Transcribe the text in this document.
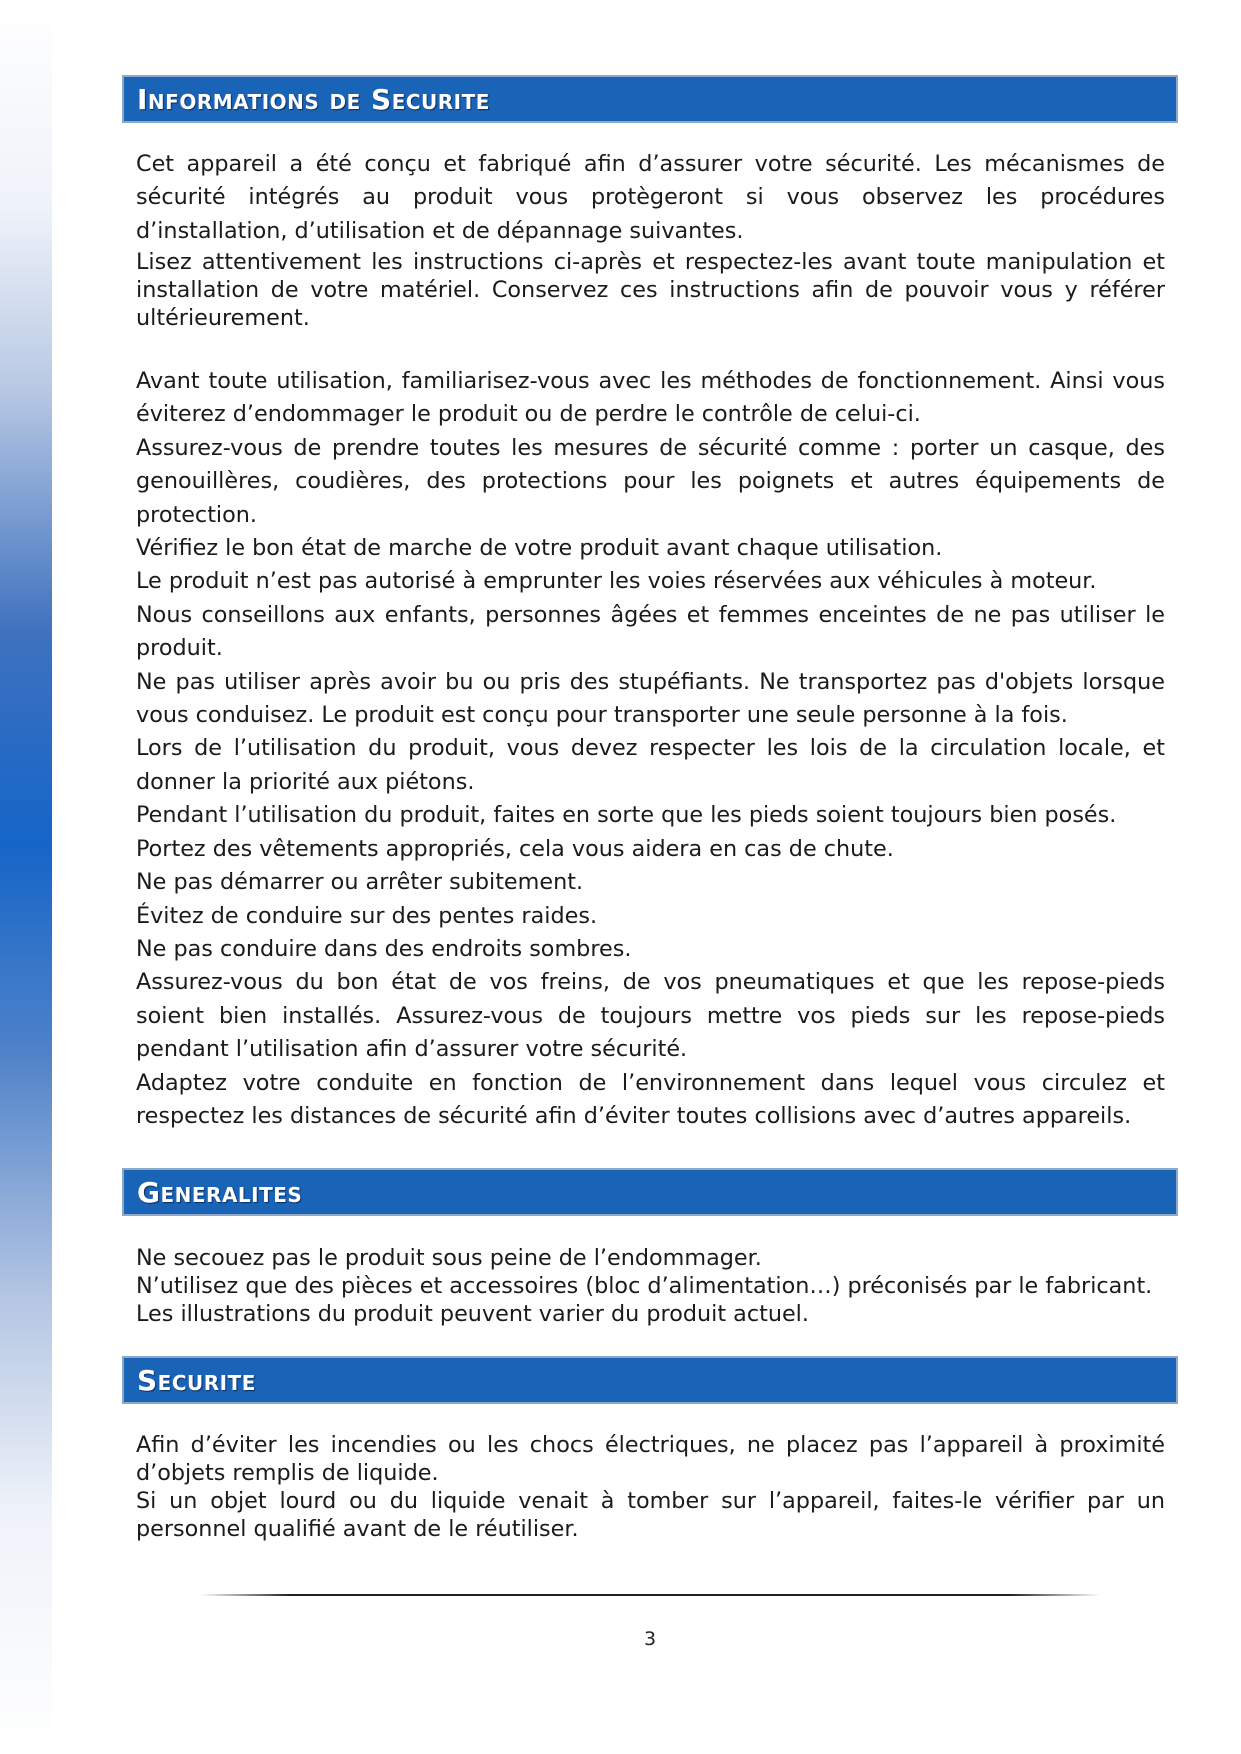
Informations de Securite

Cet appareil a été conçu et fabriqué afin d’assurer votre sécurité. Les mécanismes de sécurité intégrés au produit vous protègeront si vous observez les procédures d’installation, d’utilisation et de dépannage suivantes.

Lisez attentivement les instructions ci-après et respectez-les avant toute manipulation et installation de votre matériel. Conservez ces instructions afin de pouvoir vous y référer ultérieurement.

Avant toute utilisation, familiarisez-vous avec les méthodes de fonctionnement. Ainsi vous éviterez d’endommager le produit ou de perdre le contrôle de celui-ci.

Assurez-vous de prendre toutes les mesures de sécurité comme : porter un casque, des genouillères, coudières, des protections pour les poignets et autres équipements de protection.

Vérifiez le bon état de marche de votre produit avant chaque utilisation.

Le produit n’est pas autorisé à emprunter les voies réservées aux véhicules à moteur.

Nous conseillons aux enfants, personnes âgées et femmes enceintes de ne pas utiliser le produit.

Ne pas utiliser après avoir bu ou pris des stupéfiants. Ne transportez pas d'objets lorsque vous conduisez. Le produit est conçu pour transporter une seule personne à la fois.

Lors de l’utilisation du produit, vous devez respecter les lois de la circulation locale, et donner la priorité aux piétons.

Pendant l’utilisation du produit, faites en sorte que les pieds soient toujours bien posés.

Portez des vêtements appropriés, cela vous aidera en cas de chute.

Ne pas démarrer ou arrêter subitement.

Évitez de conduire sur des pentes raides.

Ne pas conduire dans des endroits sombres.

Assurez-vous du bon état de vos freins, de vos pneumatiques et que les repose-pieds soient bien installés. Assurez-vous de toujours mettre vos pieds sur les repose-pieds pendant l’utilisation afin d’assurer votre sécurité.

Adaptez votre conduite en fonction de l’environnement dans lequel vous circulez et respectez les distances de sécurité afin d’éviter toutes collisions avec d’autres appareils.

Generalites

Ne secouez pas le produit sous peine de l’endommager.

N’utilisez que des pièces et accessoires (bloc d’alimentation…) préconisés par le fabricant.

Les illustrations du produit peuvent varier du produit actuel.

Securite

Afin d’éviter les incendies ou les chocs électriques, ne placez pas l’appareil à proximité d’objets remplis de liquide.

Si un objet lourd ou du liquide venait à tomber sur l’appareil, faites-le vérifier par un personnel qualifié avant de le réutiliser.

3
